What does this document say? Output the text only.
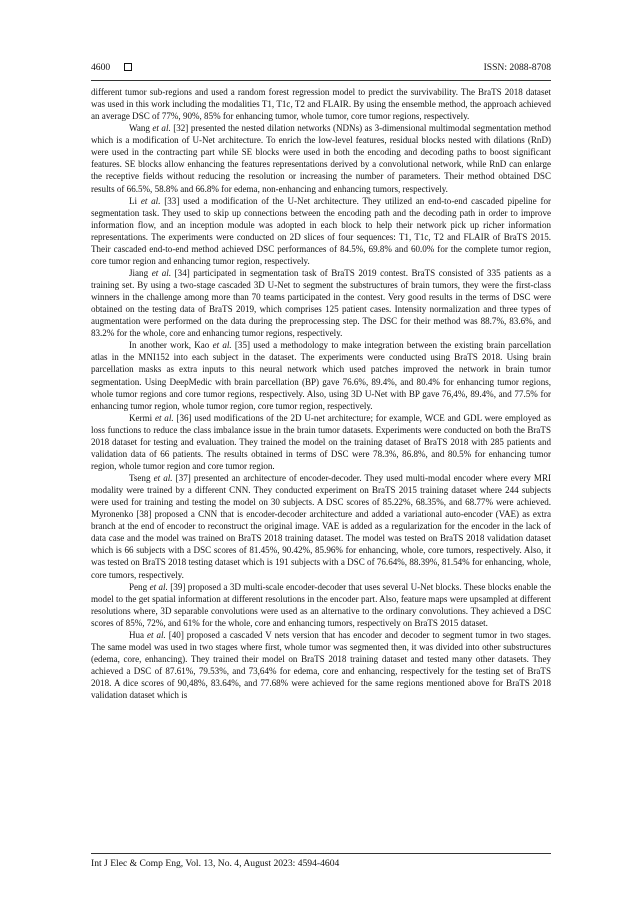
4600	ISSN: 2088-8708

different tumor sub-regions and used a random forest regression model to predict the survivability. The BraTS 2018 dataset was used in this work including the modalities T1, T1c, T2 and FLAIR. By using the ensemble method, the approach achieved an average DSC of 77%, 90%, 85% for enhancing tumor, whole tumor, core tumor regions, respectively.

Wang et al. [32] presented the nested dilation networks (NDNs) as 3-dimensional multimodal segmentation method which is a modification of U-Net architecture. To enrich the low-level features, residual blocks nested with dilations (RnD) were used in the contracting part while SE blocks were used in both the encoding and decoding paths to boost significant features. SE blocks allow enhancing the features representations derived by a convolutional network, while RnD can enlarge the receptive fields without reducing the resolution or increasing the number of parameters. Their method obtained DSC results of 66.5%, 58.8% and 66.8% for edema, non-enhancing and enhancing tumors, respectively.

Li et al. [33] used a modification of the U-Net architecture. They utilized an end-to-end cascaded pipeline for segmentation task. They used to skip up connections between the encoding path and the decoding path in order to improve information flow, and an inception module was adopted in each block to help their network pick up richer information representations. The experiments were conducted on 2D slices of four sequences: T1, T1c, T2 and FLAIR of BraTS 2015. Their cascaded end-to-end method achieved DSC performances of 84.5%, 69.8% and 60.0% for the complete tumor region, core tumor region and enhancing tumor region, respectively.

Jiang et al. [34] participated in segmentation task of BraTS 2019 contest. BraTS consisted of 335 patients as a training set. By using a two-stage cascaded 3D U-Net to segment the substructures of brain tumors, they were the first-class winners in the challenge among more than 70 teams participated in the contest. Very good results in the terms of DSC were obtained on the testing data of BraTS 2019, which comprises 125 patient cases. Intensity normalization and three types of augmentation were performed on the data during the preprocessing step. The DSC for their method was 88.7%, 83.6%, and 83.2% for the whole, core and enhancing tumor regions, respectively.

In another work, Kao et al. [35] used a methodology to make integration between the existing brain parcellation atlas in the MNI152 into each subject in the dataset. The experiments were conducted using BraTS 2018. Using brain parcellation masks as extra inputs to this neural network which used patches improved the network in brain tumor segmentation. Using DeepMedic with brain parcellation (BP) gave 76.6%, 89.4%, and 80.4% for enhancing tumor regions, whole tumor regions and core tumor regions, respectively. Also, using 3D U-Net with BP gave 76,4%, 89.4%, and 77.5% for enhancing tumor region, whole tumor region, core tumor region, respectively.

Kermi et al. [36] used modifications of the 2D U-net architecture; for example, WCE and GDL were employed as loss functions to reduce the class imbalance issue in the brain tumor datasets. Experiments were conducted on both the BraTS 2018 dataset for testing and evaluation. They trained the model on the training dataset of BraTS 2018 with 285 patients and validation data of 66 patients. The results obtained in terms of DSC were 78.3%, 86.8%, and 80.5% for enhancing tumor region, whole tumor region and core tumor region.

Tseng et al. [37] presented an architecture of encoder-decoder. They used multi-modal encoder where every MRI modality were trained by a different CNN. They conducted experiment on BraTS 2015 training dataset where 244 subjects were used for training and testing the model on 30 subjects. A DSC scores of 85.22%, 68.35%, and 68.77% were achieved. Myronenko [38] proposed a CNN that is encoder-decoder architecture and added a variational auto-encoder (VAE) as extra branch at the end of encoder to reconstruct the original image. VAE is added as a regularization for the encoder in the lack of data case and the model was trained on BraTS 2018 training dataset. The model was tested on BraTS 2018 validation dataset which is 66 subjects with a DSC scores of 81.45%, 90.42%, 85.96% for enhancing, whole, core tumors, respectively. Also, it was tested on BraTS 2018 testing dataset which is 191 subjects with a DSC of 76.64%, 88.39%, 81.54% for enhancing, whole, core tumors, respectively.

Peng et al. [39] proposed a 3D multi-scale encoder-decoder that uses several U-Net blocks. These blocks enable the model to the get spatial information at different resolutions in the encoder part. Also, feature maps were upsampled at different resolutions where, 3D separable convolutions were used as an alternative to the ordinary convolutions. They achieved a DSC scores of 85%, 72%, and 61% for the whole, core and enhancing tumors, respectively on BraTS 2015 dataset.

Hua et al. [40] proposed a cascaded V nets version that has encoder and decoder to segment tumor in two stages. The same model was used in two stages where first, whole tumor was segmented then, it was divided into other substructures (edema, core, enhancing). They trained their model on BraTS 2018 training dataset and tested many other datasets. They achieved a DSC of 87.61%, 79.53%, and 73,64% for edema, core and enhancing, respectively for the testing set of BraTS 2018. A dice scores of 90,48%, 83.64%, and 77.68% were achieved for the same regions mentioned above for BraTS 2018 validation dataset which is

Int J Elec & Comp Eng, Vol. 13, No. 4, August 2023: 4594-4604
